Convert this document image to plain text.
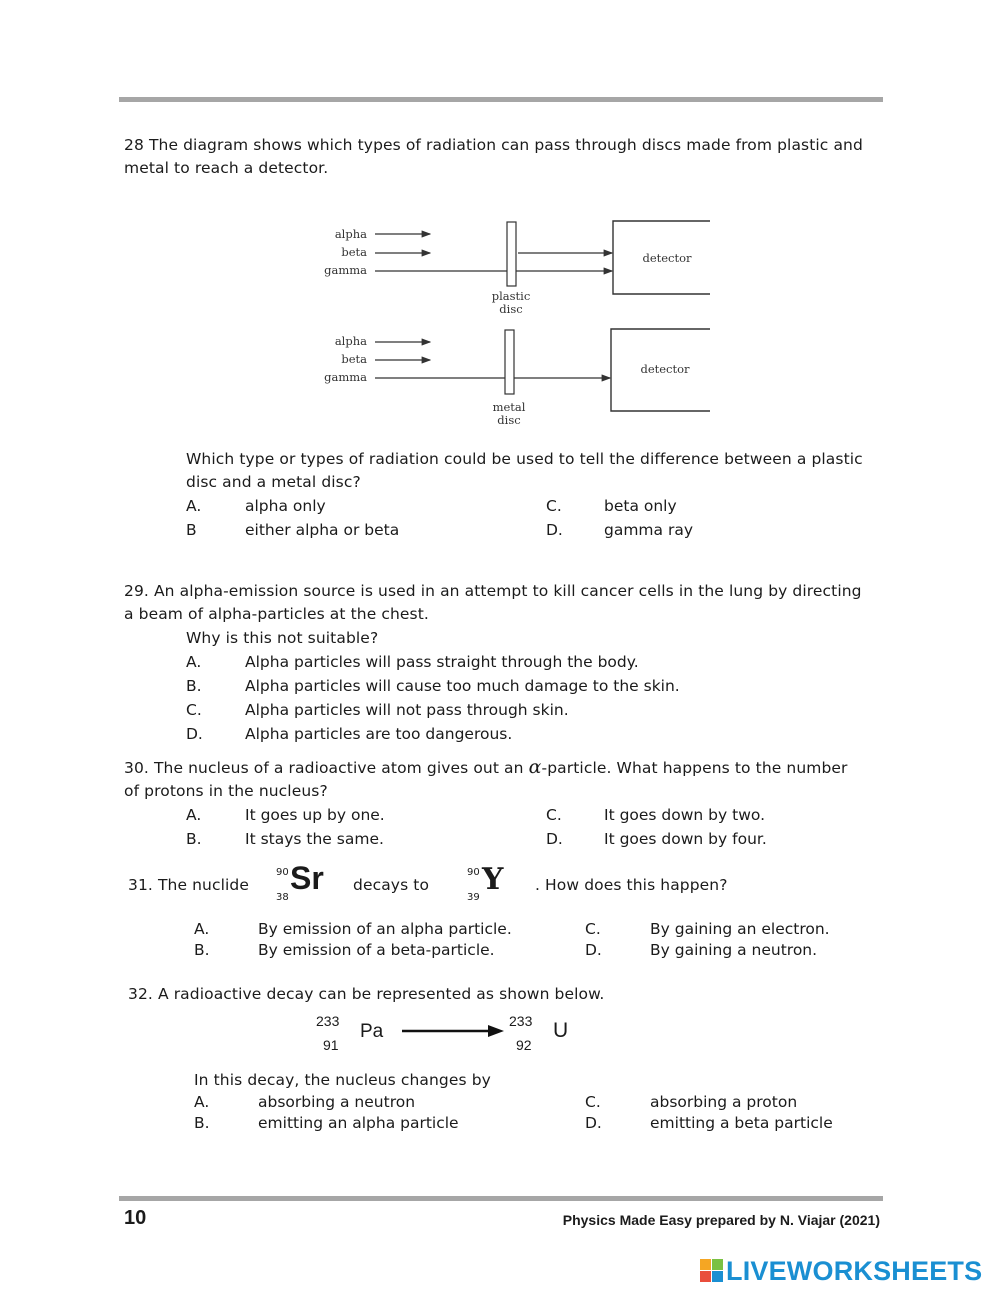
28 The diagram shows which types of radiation can pass through discs made from plastic and metal to reach a detector.
alpha
beta
gamma
plastic
disc
detector
alpha
beta
gamma
metal
disc
detector
Which type or types of radiation could be used to tell the difference between a plastic disc and a metal disc?
A.	alpha only
B	either alpha or beta
C.	beta only
D.	gamma ray
29. An alpha-emission source is used in an attempt to kill cancer cells in the lung by directing a beam of alpha-particles at the chest.
Why is this not suitable?
A.	Alpha particles will pass straight through the body.
B.	Alpha particles will cause too much damage to the skin.
C.	Alpha particles will not pass through skin.
D.	Alpha particles are too dangerous.
30. The nucleus of a radioactive atom gives out an α-particle. What happens to the number of protons in the nucleus?
A.	It goes up by one.
B.	It stays the same.
C.	It goes down by two.
D.	It goes down by four.
31. The nuclide
90
38
Sr decays to
90
39
Y . How does this happen?
A.	By emission of an alpha particle.
B.	By emission of a beta-particle.
C.	By gaining an electron.
D.	By gaining a neutron.
32. A radioactive decay can be represented as shown below.
233
91
Pa	233
92
U
In this decay, the nucleus changes by
A.	absorbing a neutron
B.	emitting an alpha particle
C.	absorbing a proton
D.	emitting a beta particle
10	Physics Made Easy prepared by N. Viajar (2021)
LIVEWORKSHEETS
